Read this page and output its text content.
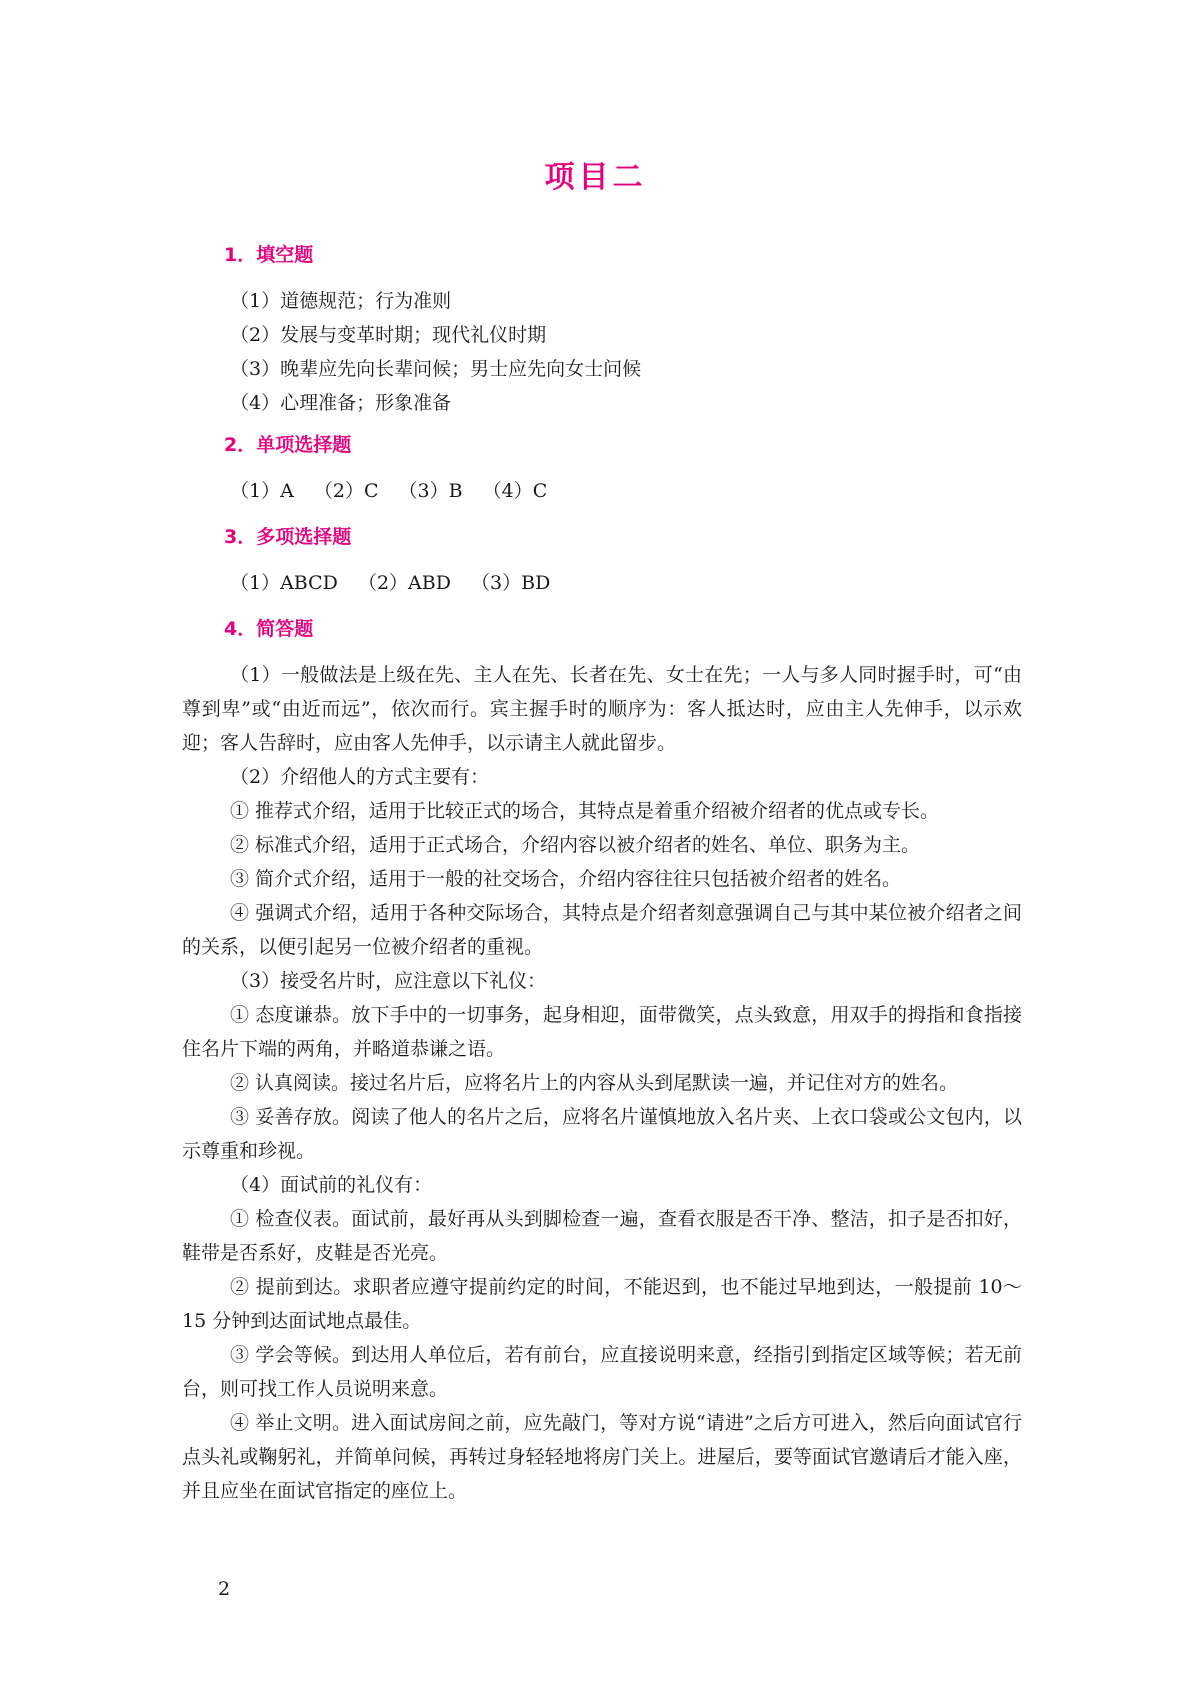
项目二
1．填空题
（1）道德规范；行为准则
（2）发展与变革时期；现代礼仪时期
（3）晚辈应先向长辈问候；男士应先向女士问候
（4）心理准备；形象准备
2．单项选择题
（1）A （2）C （3）B （4）C
3．多项选择题
（1）ABCD （2）ABD （3）BD
4．简答题

（1）一般做法是上级在先、主人在先、长者在先、女士在先；一人与多人同时握手时，可“由尊到卑”或“由近而远”，依次而行。宾主握手时的顺序为：客人抵达时，应由主人先伸手，以示欢迎；客人告辞时，应由客人先伸手，以示请主人就此留步。

（2）介绍他人的方式主要有：

① 推荐式介绍，适用于比较正式的场合，其特点是着重介绍被介绍者的优点或专长。

② 标准式介绍，适用于正式场合，介绍内容以被介绍者的姓名、单位、职务为主。

③ 简介式介绍，适用于一般的社交场合，介绍内容往往只包括被介绍者的姓名。

④ 强调式介绍，适用于各种交际场合，其特点是介绍者刻意强调自己与其中某位被介绍者之间的关系，以便引起另一位被介绍者的重视。

（3）接受名片时，应注意以下礼仪：

① 态度谦恭。放下手中的一切事务，起身相迎，面带微笑，点头致意，用双手的拇指和食指接住名片下端的两角，并略道恭谦之语。

② 认真阅读。接过名片后，应将名片上的内容从头到尾默读一遍，并记住对方的姓名。

③ 妥善存放。阅读了他人的名片之后，应将名片谨慎地放入名片夹、上衣口袋或公文包内，以示尊重和珍视。

（4）面试前的礼仪有：

① 检查仪表。面试前，最好再从头到脚检查一遍，查看衣服是否干净、整洁，扣子是否扣好，鞋带是否系好，皮鞋是否光亮。

② 提前到达。求职者应遵守提前约定的时间，不能迟到，也不能过早地到达，一般提前 10～15 分钟到达面试地点最佳。

③ 学会等候。到达用人单位后，若有前台，应直接说明来意，经指引到指定区域等候；若无前台，则可找工作人员说明来意。

④ 举止文明。进入面试房间之前，应先敲门，等对方说“请进”之后方可进入，然后向面试官行点头礼或鞠躬礼，并简单问候，再转过身轻轻地将房门关上。进屋后，要等面试官邀请后才能入座，并且应坐在面试官指定的座位上。

2
